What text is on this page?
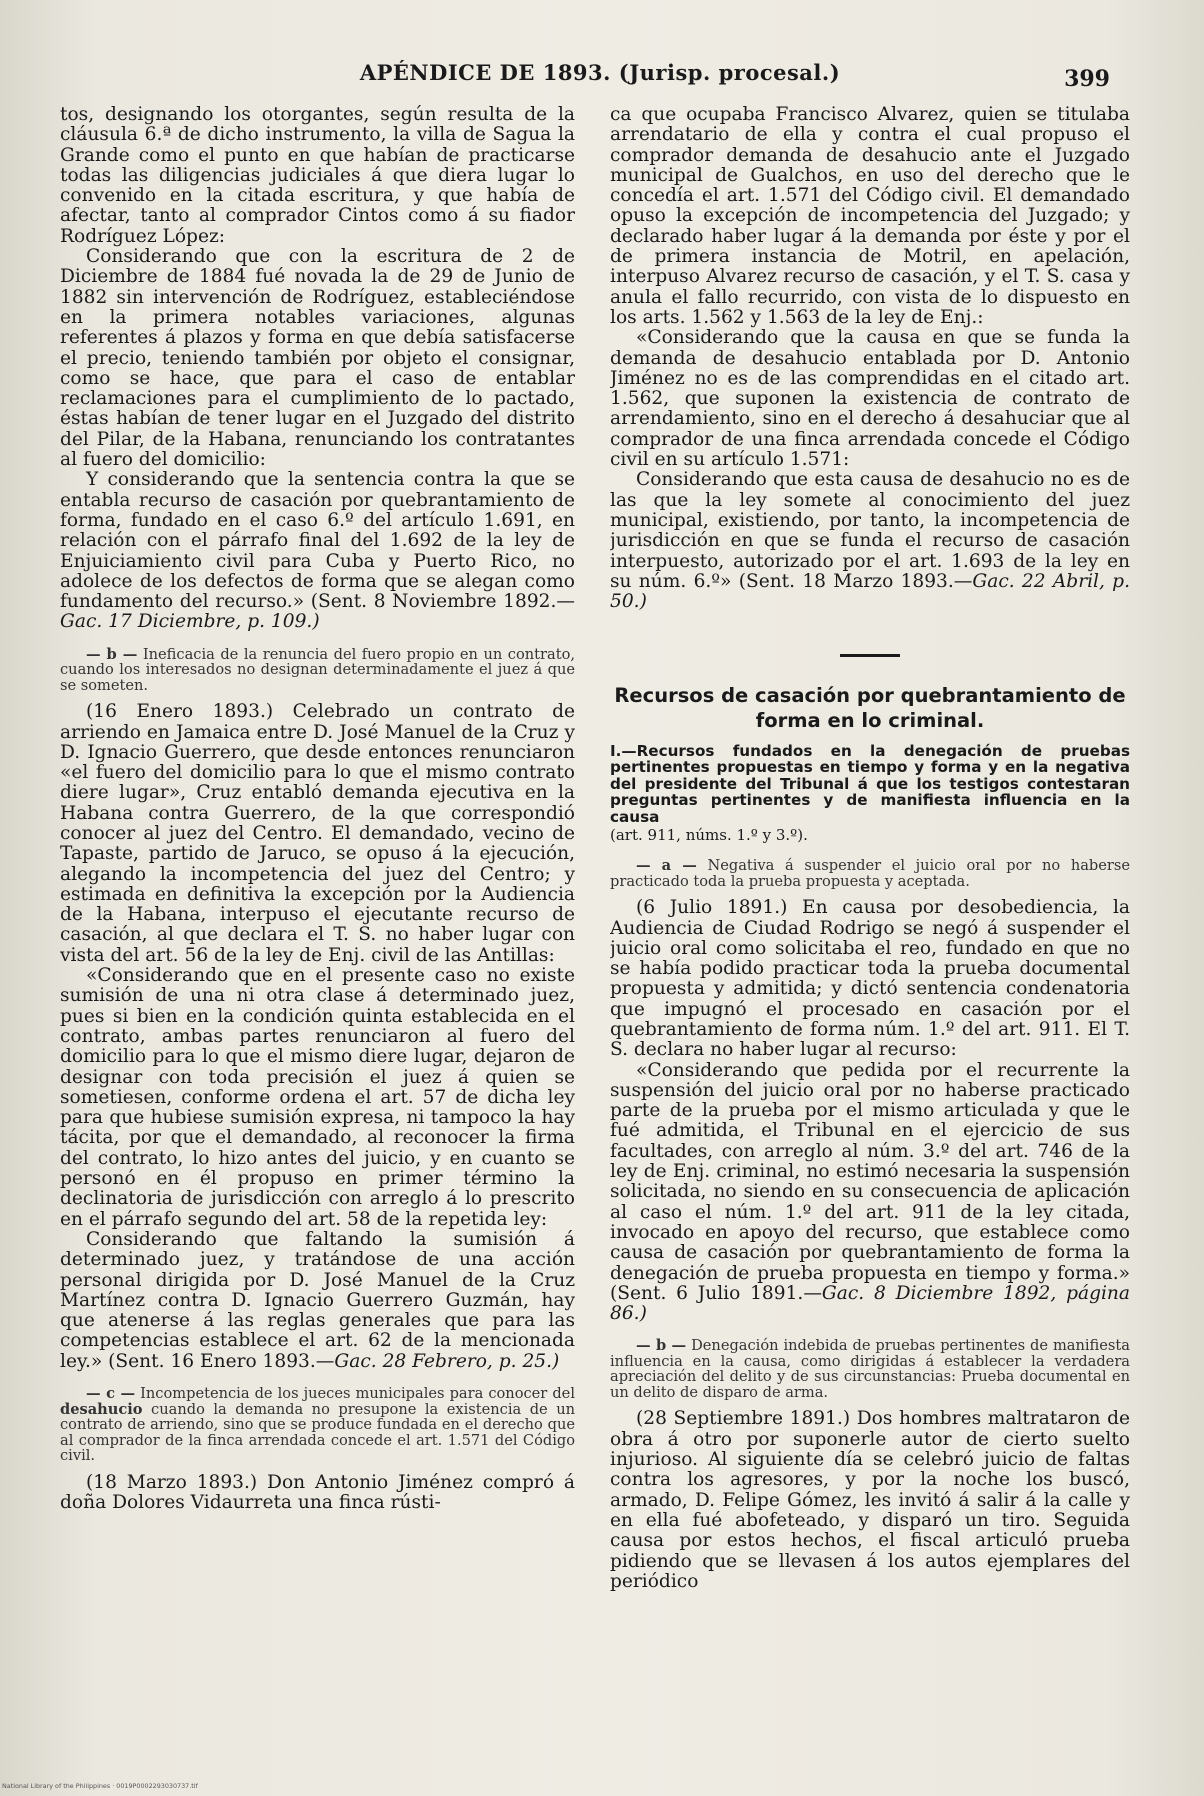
APÉNDICE DE 1893. (Jurisp. procesal.)	399

tos, designando los otorgantes, según resulta de la cláusula 6.ª de dicho instrumento, la villa de Sagua la Grande como el punto en que habían de practicarse todas las diligencias judiciales á que diera lugar lo convenido en la citada escritura, y que había de afectar, tanto al comprador Cintos como á su fiador Rodríguez López:

Considerando que con la escritura de 2 de Diciembre de 1884 fué novada la de 29 de Junio de 1882 sin intervención de Rodríguez, estableciéndose en la primera notables variaciones, algunas referentes á plazos y forma en que debía satisfacerse el precio, teniendo también por objeto el consignar, como se hace, que para el caso de entablar reclamaciones para el cumplimiento de lo pactado, éstas habían de tener lugar en el Juzgado del distrito del Pilar, de la Habana, renunciando los contratantes al fuero del domicilio:

Y considerando que la sentencia contra la que se entabla recurso de casación por quebrantamiento de forma, fundado en el caso 6.º del artículo 1.691, en relación con el párrafo final del 1.692 de la ley de Enjuiciamiento civil para Cuba y Puerto Rico, no adolece de los defectos de forma que se alegan como fundamento del recurso.» (Sent. 8 Noviembre 1892.—Gac. 17 Diciembre, p. 109.)

— b — Ineficacia de la renuncia del fuero propio en un contrato, cuando los interesados no designan determinadamente el juez á que se someten.

(16 Enero 1893.) Celebrado un contrato de arriendo en Jamaica entre D. José Manuel de la Cruz y D. Ignacio Guerrero, que desde entonces renunciaron «el fuero del domicilio para lo que el mismo contrato diere lugar», Cruz entabló demanda ejecutiva en la Habana contra Guerrero, de la que correspondió conocer al juez del Centro. El demandado, vecino de Tapaste, partido de Jaruco, se opuso á la ejecución, alegando la incompetencia del juez del Centro; y estimada en definitiva la excepción por la Audiencia de la Habana, interpuso el ejecutante recurso de casación, al que declara el T. S. no haber lugar con vista del art. 56 de la ley de Enj. civil de las Antillas:

«Considerando que en el presente caso no existe sumisión de una ni otra clase á determinado juez, pues si bien en la condición quinta establecida en el contrato, ambas partes renunciaron al fuero del domicilio para lo que el mismo diere lugar, dejaron de designar con toda precisión el juez á quien se sometiesen, conforme ordena el art. 57 de dicha ley para que hubiese sumisión expresa, ni tampoco la hay tácita, por que el demandado, al reconocer la firma del contrato, lo hizo antes del juicio, y en cuanto se personó en él propuso en primer término la declinatoria de jurisdicción con arreglo á lo prescrito en el párrafo segundo del art. 58 de la repetida ley:

Considerando que faltando la sumisión á determinado juez, y tratándose de una acción personal dirigida por D. José Manuel de la Cruz Martínez contra D. Ignacio Guerrero Guzmán, hay que atenerse á las reglas generales que para las competencias establece el art. 62 de la mencionada ley.» (Sent. 16 Enero 1893.—Gac. 28 Febrero, p. 25.)

— c — Incompetencia de los jueces municipales para conocer del desahucio cuando la demanda no presupone la existencia de un contrato de arriendo, sino que se produce fundada en el derecho que al comprador de la finca arrendada concede el art. 1.571 del Código civil.

(18 Marzo 1893.) Don Antonio Jiménez compró á doña Dolores Vidaurreta una finca rústi-

ca que ocupaba Francisco Alvarez, quien se titulaba arrendatario de ella y contra el cual propuso el comprador demanda de desahucio ante el Juzgado municipal de Gualchos, en uso del derecho que le concedía el art. 1.571 del Código civil. El demandado opuso la excepción de incompetencia del Juzgado; y declarado haber lugar á la demanda por éste y por el de primera instancia de Motril, en apelación, interpuso Alvarez recurso de casación, y el T. S. casa y anula el fallo recurrido, con vista de lo dispuesto en los arts. 1.562 y 1.563 de la ley de Enj.:

«Considerando que la causa en que se funda la demanda de desahucio entablada por D. Antonio Jiménez no es de las comprendidas en el citado art. 1.562, que suponen la existencia de contrato de arrendamiento, sino en el derecho á desahuciar que al comprador de una finca arrendada concede el Código civil en su artículo 1.571:

Considerando que esta causa de desahucio no es de las que la ley somete al conocimiento del juez municipal, existiendo, por tanto, la incompetencia de jurisdicción en que se funda el recurso de casación interpuesto, autorizado por el art. 1.693 de la ley en su núm. 6.º» (Sent. 18 Marzo 1893.—Gac. 22 Abril, p. 50.)

Recursos de casación por quebrantamiento de forma en lo criminal.

I.—Recursos fundados en la denegación de pruebas pertinentes propuestas en tiempo y forma y en la negativa del presidente del Tribunal á que los testigos contestaran preguntas pertinentes y de manifiesta influencia en la causa

(art. 911, núms. 1.º y 3.º).

— a — Negativa á suspender el juicio oral por no haberse practicado toda la prueba propuesta y aceptada.

(6 Julio 1891.) En causa por desobediencia, la Audiencia de Ciudad Rodrigo se negó á suspender el juicio oral como solicitaba el reo, fundado en que no se había podido practicar toda la prueba documental propuesta y admitida; y dictó sentencia condenatoria que impugnó el procesado en casación por el quebrantamiento de forma núm. 1.º del art. 911. El T. S. declara no haber lugar al recurso:

«Considerando que pedida por el recurrente la suspensión del juicio oral por no haberse practicado parte de la prueba por el mismo articulada y que le fué admitida, el Tribunal en el ejercicio de sus facultades, con arreglo al núm. 3.º del art. 746 de la ley de Enj. criminal, no estimó necesaria la suspensión solicitada, no siendo en su consecuencia de aplicación al caso el núm. 1.º del art. 911 de la ley citada, invocado en apoyo del recurso, que establece como causa de casación por quebrantamiento de forma la denegación de prueba propuesta en tiempo y forma.» (Sent. 6 Julio 1891.—Gac. 8 Diciembre 1892, página 86.)

— b — Denegación indebida de pruebas pertinentes de manifiesta influencia en la causa, como dirigidas á establecer la verdadera apreciación del delito y de sus circunstancias: Prueba documental en un delito de disparo de arma.

(28 Septiembre 1891.) Dos hombres maltrataron de obra á otro por suponerle autor de cierto suelto injurioso. Al siguiente día se celebró juicio de faltas contra los agresores, y por la noche los buscó, armado, D. Felipe Gómez, les invitó á salir á la calle y en ella fué abofeteado, y disparó un tiro. Seguida causa por estos hechos, el fiscal articuló prueba pidiendo que se llevasen á los autos ejemplares del periódico

National Library of the Philippines · 0019P0002293030737.tif
